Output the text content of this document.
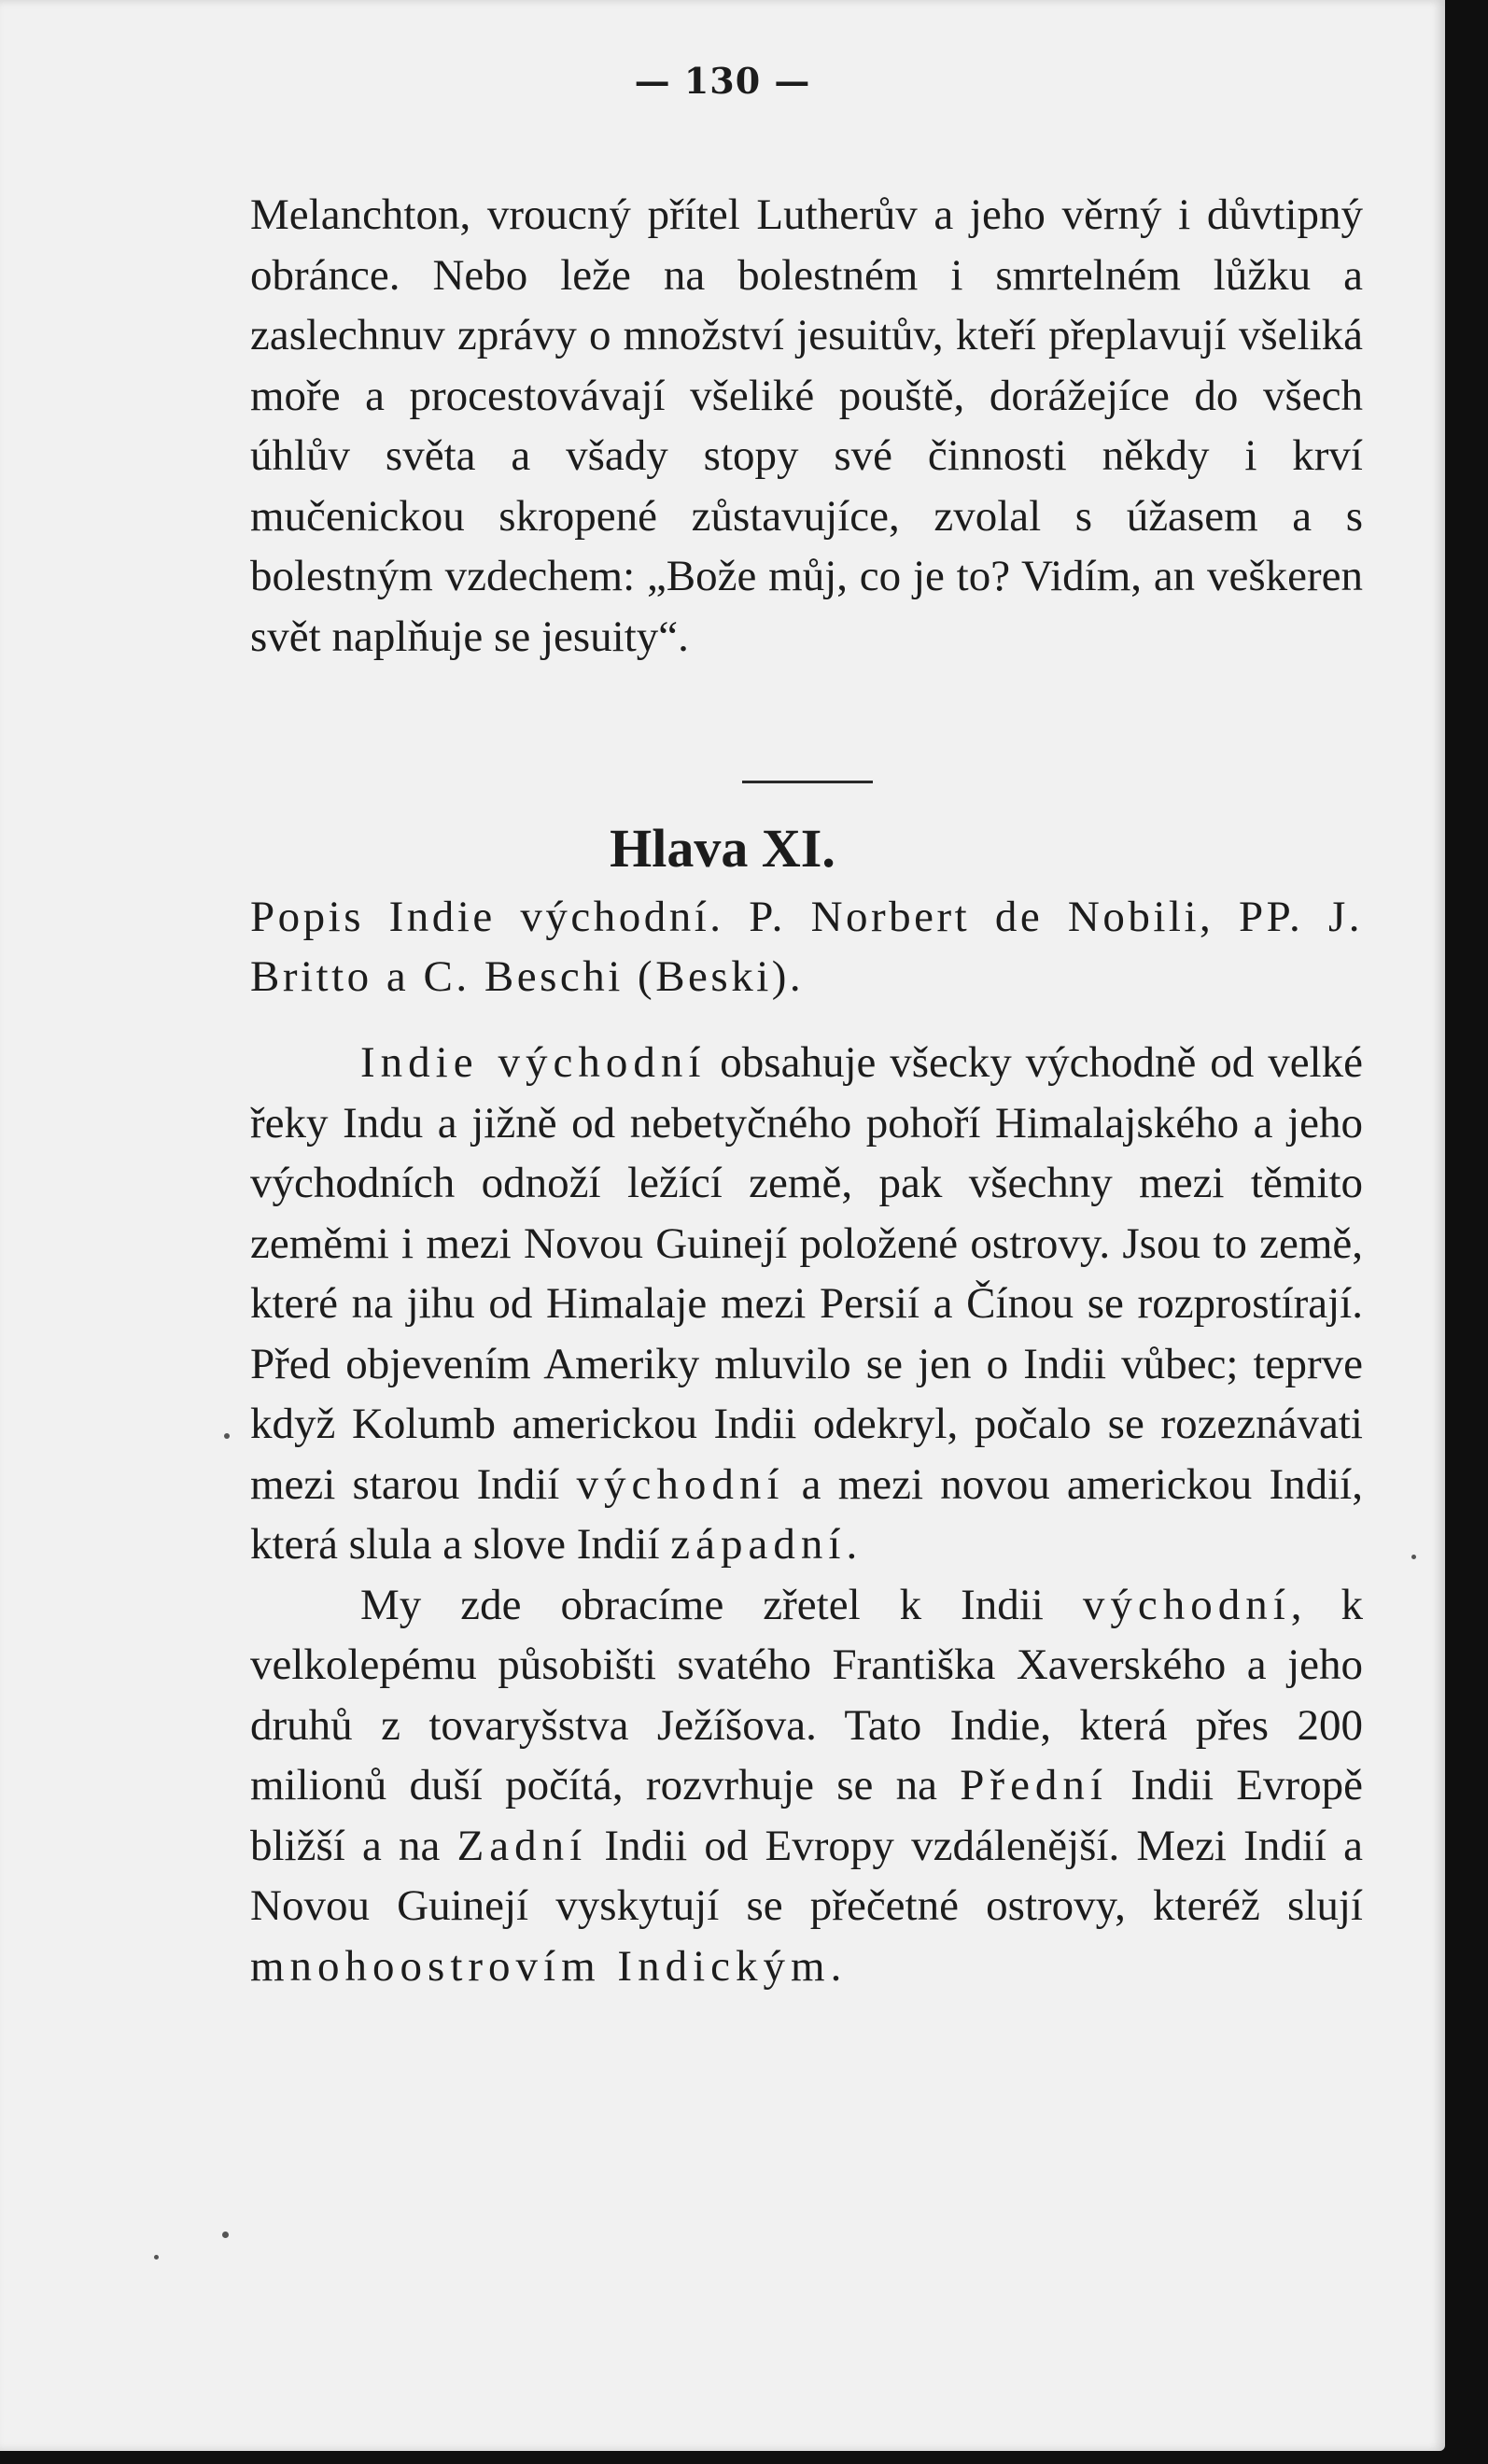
— 130 —

Melanchton, vroucný přítel Lutherův a jeho věrný i důvtipný obránce. Nebo leže na bolestném i smrtelném lůžku a zaslechnuv zprávy o množství jesuitův, kteří přeplavují všeliká moře a procestovávají všeliké pouště, dorážejíce do všech úhlův světa a všady stopy své činnosti někdy i krví mučenickou skropené zůstavujíce, zvolal s úžasem a s bolestným vzdechem: „Bože můj, co je to? Vidím, an veškeren svět naplňuje se jesuity“.

Hlava XI.
Popis Indie východní. P. Norbert de Nobili, PP. J. Britto a C. Beschi (Beski).

Indie východní obsahuje všecky východně od velké řeky Indu a jižně od nebetyčného pohoří Himalajského a jeho východních odnoží ležící země, pak všechny mezi těmito zeměmi i mezi Novou Guinejí položené ostrovy. Jsou to země, které na jihu od Himalaje mezi Persií a Čínou se rozprostírají. Před objevením Ameriky mluvilo se jen o Indii vůbec; teprve když Kolumb americkou Indii odekryl, počalo se rozeznávati mezi starou Indií východní a mezi novou americkou Indií, která slula a slove Indií západní.

My zde obracíme zřetel k Indii východní, k velkolepému působišti svatého Františka Xaverského a jeho druhů z tovaryšstva Ježíšova. Tato Indie, která přes 200 milionů duší počítá, rozvrhuje se na Přední Indii Evropě bližší a na Zadní Indii od Evropy vzdálenější. Mezi Indií a Novou Guinejí vyskytují se přečetné ostrovy, kteréž slují mnohoostrovím Indickým.
